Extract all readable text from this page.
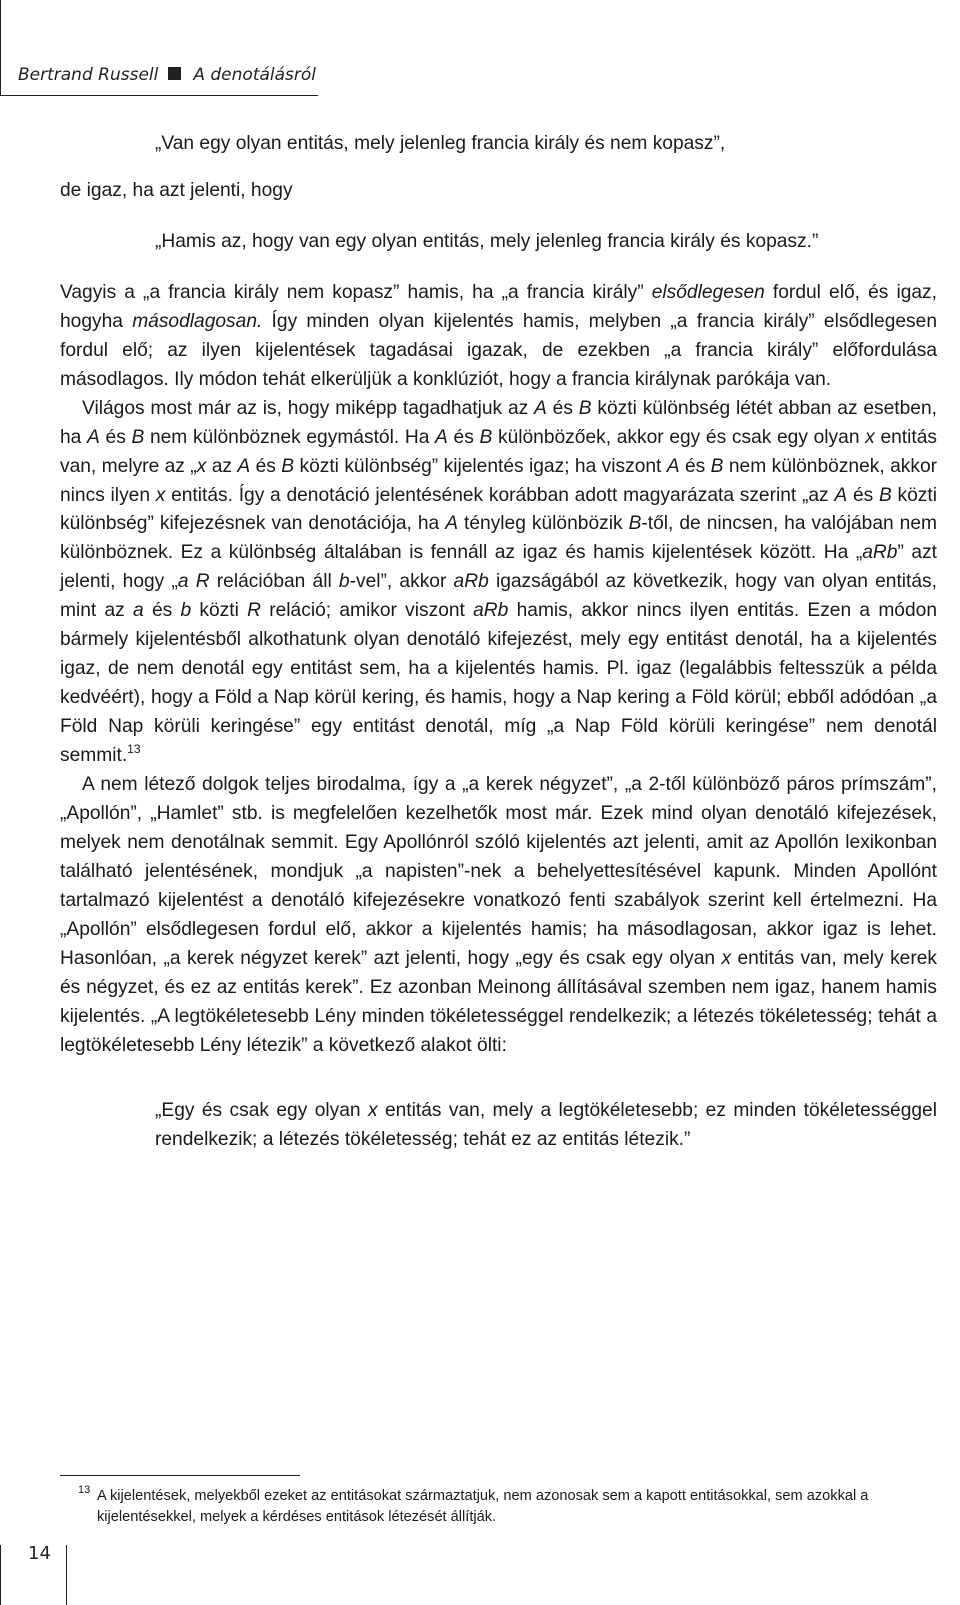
Bertrand Russell A denotálásról

„Van egy olyan entitás, mely jelenleg francia király és nem kopasz”,

de igaz, ha azt jelenti, hogy

„Hamis az, hogy van egy olyan entitás, mely jelenleg francia király és kopasz.”

Vagyis a „a francia király nem kopasz” hamis, ha „a francia király” elsődlegesen fordul elő, és igaz, hogyha másodlagosan. Így minden olyan kijelentés hamis, melyben „a francia király” elsődlegesen fordul elő; az ilyen kijelentések tagadásai igazak, de ezekben „a francia király” előfordulása másodlagos. Ily módon tehát elkerüljük a konklúziót, hogy a francia királynak parókája van.

Világos most már az is, hogy miképp tagadhatjuk az A és B közti különbség létét abban az esetben, ha A és B nem különböznek egymástól. Ha A és B különbözőek, akkor egy és csak egy olyan x entitás van, melyre az „x az A és B közti különbség” kijelentés igaz; ha viszont A és B nem különböznek, akkor nincs ilyen x entitás. Így a denotáció jelentésének korábban adott magyarázata szerint „az A és B közti különbség” kifejezésnek van denotációja, ha A tényleg különbözik B-től, de nincsen, ha valójában nem különböznek. Ez a különbség általában is fennáll az igaz és hamis kijelentések között. Ha „aRb” azt jelenti, hogy „a R relációban áll b-vel”, akkor aRb igazságából az következik, hogy van olyan entitás, mint az a és b közti R reláció; amikor viszont aRb hamis, akkor nincs ilyen entitás. Ezen a módon bármely kijelentésből alkothatunk olyan denotáló kifejezést, mely egy entitást denotál, ha a kijelentés igaz, de nem denotál egy entitást sem, ha a kijelentés hamis. Pl. igaz (legalábbis feltesszük a példa kedvéért), hogy a Föld a Nap körül kering, és hamis, hogy a Nap kering a Föld körül; ebből adódóan „a Föld Nap körüli keringése” egy entitást denotál, míg „a Nap Föld körüli keringése” nem denotál semmit.$^{13}$

A nem létező dolgok teljes birodalma, így a „a kerek négyzet”, „a 2-től különböző páros prímszám”, „Apollón”, „Hamlet” stb. is megfelelően kezelhetők most már. Ezek mind olyan denotáló kifejezések, melyek nem denotálnak semmit. Egy Apollónról szóló kijelentés azt jelenti, amit az Apollón lexikonban található jelentésének, mondjuk „a napisten”-nek a behelyettesítésével kapunk. Minden Apollónt tartalmazó kijelentést a denotáló kifejezésekre vonatkozó fenti szabályok szerint kell értelmezni. Ha „Apollón” elsődlegesen fordul elő, akkor a kijelentés hamis; ha másodlagosan, akkor igaz is lehet. Hasonlóan, „a kerek négyzet kerek” azt jelenti, hogy „egy és csak egy olyan x entitás van, mely kerek és négyzet, és ez az entitás kerek”. Ez azonban Meinong állításával szemben nem igaz, hanem hamis kijelentés. „A legtökéletesebb Lény minden tökéletességgel rendelkezik; a létezés tökéletesség; tehát a legtökéletesebb Lény létezik” a következő alakot ölti:

„Egy és csak egy olyan x entitás van, mely a legtökéletesebb; ez minden tökéletességgel rendelkezik; a létezés tökéletesség; tehát ez az entitás létezik.”

13 A kijelentések, melyekből ezeket az entitásokat származtatjuk, nem azonosak sem a kapott entitásokkal, sem azokkal a kijelentésekkel, melyek a kérdéses entitások létezését állítják.
14
